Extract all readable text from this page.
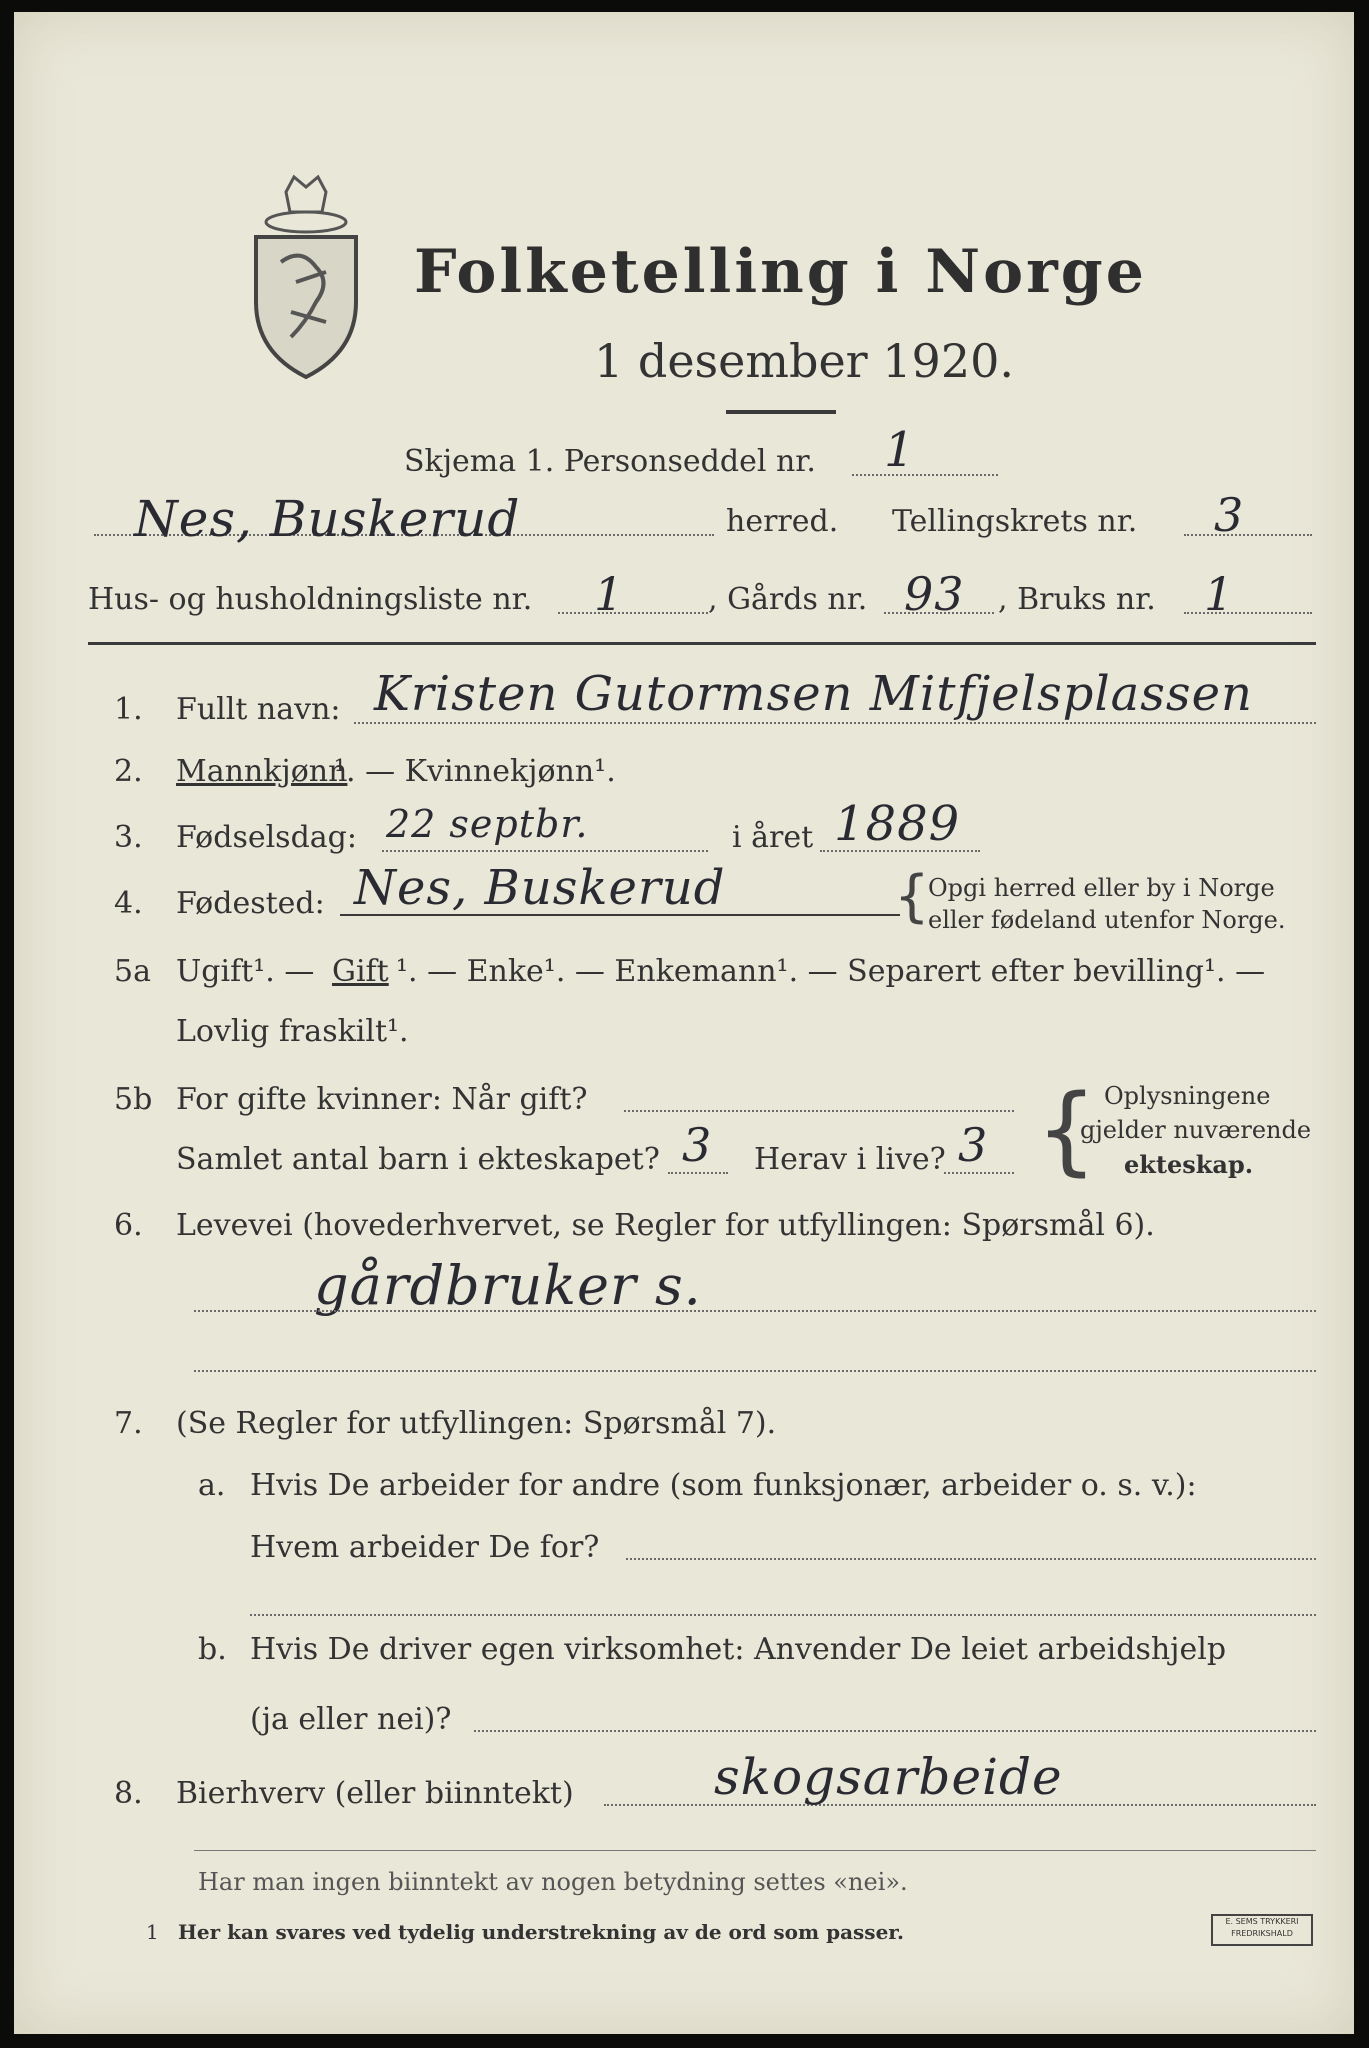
Folketelling i Norge
1 desember 1920.
Skjema 1. Personseddel nr. 1
Nes, Buskerud	herred. Tellingskrets nr. 3
Hus- og husholdningsliste nr. 1	, Gårds nr. 93 , Bruks nr. 1
1. Fullt navn: Kristen Gutormsen Mitfjelsplassen
2. Mannkjønn
¹. — Kvinnekjønn¹.
3. Fødselsdag: 22 septbr.	i året 1889
4. Fødested: Nes, Buskerud	{
Opgi herred eller by i Norge
eller fødeland utenfor Norge.
5a Ugift¹. — Gift ¹. — Enke¹. — Enkemann¹. — Separert efter bevilling¹. —
Lovlig fraskilt¹.
5b For gifte kvinner: Når gift?
Samlet antal barn i ekteskapet? 3 Herav i live? 3 { Oplysningene
gjelder nuværende
ekteskap.
6. Levevei (hovederhvervet, se Regler for utfyllingen: Spørsmål 6).
gårdbruker s.
7. (Se Regler for utfyllingen: Spørsmål 7).
a. Hvis De arbeider for andre (som funksjonær, arbeider o. s. v.):
Hvem arbeider De for?
b. Hvis De driver egen virksomhet: Anvender De leiet arbeidshjelp
(ja eller nei)?
8. Bierhverv (eller biinntekt)	skogsarbeide
Har man ingen biinntekt av nogen betydning settes «nei».
1 Her kan svares ved tydelig understrekning av de ord som passer.	E. SEMS TRYKKERI FREDRIKSHALD
